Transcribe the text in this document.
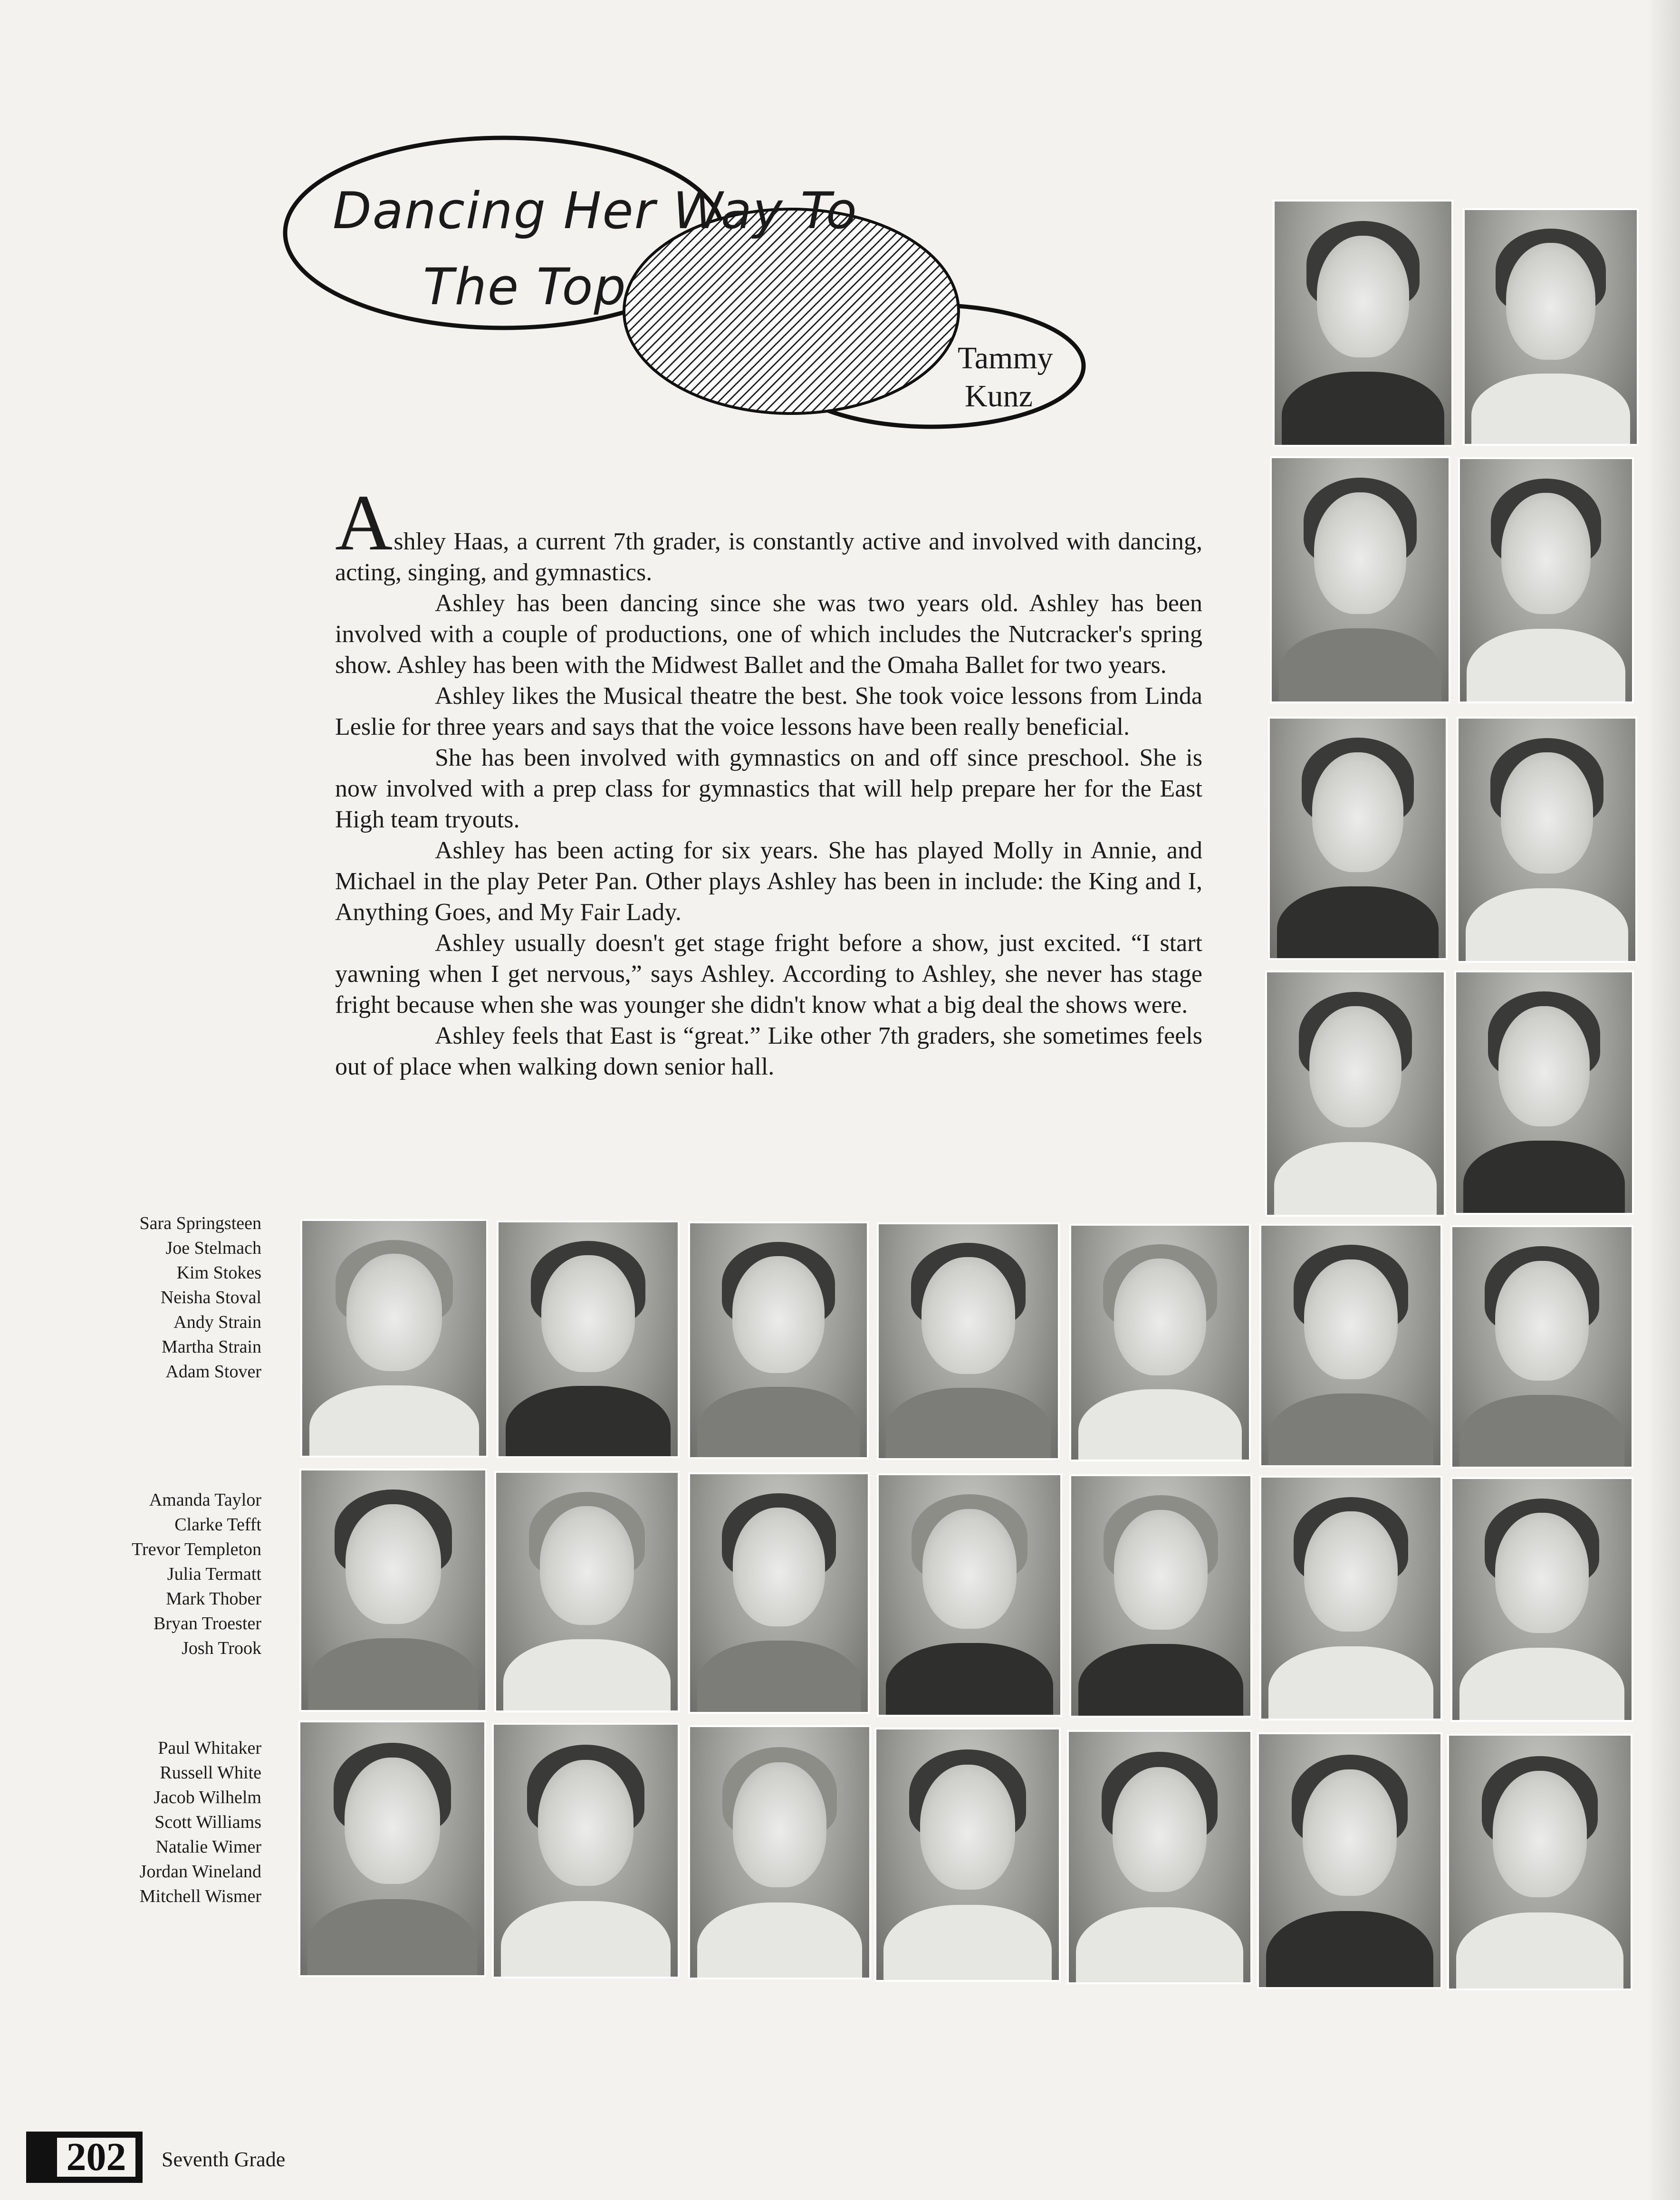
Dancing Her Way To
The Top
Tammy
Kunz

Ashley Haas, a current 7th grader, is constantly active and involved with dancing, acting, singing, and gymnastics.

Ashley has been dancing since she was two years old. Ashley has been involved with a couple of productions, one of which includes the Nutcracker's spring show. Ashley has been with the Midwest Ballet and the Omaha Ballet for two years.

Ashley likes the Musical theatre the best. She took voice lessons from Linda Leslie for three years and says that the voice lessons have been really beneficial.

She has been involved with gymnastics on and off since preschool. She is now involved with a prep class for gymnastics that will help prepare her for the East High team tryouts.

Ashley has been acting for six years. She has played Molly in Annie, and Michael in the play Peter Pan. Other plays Ashley has been in include: the King and I, Anything Goes, and My Fair Lady.

Ashley usually doesn't get stage fright before a show, just excited. “I start yawning when I get nervous,” says Ashley. According to Ashley, she never has stage fright because when she was younger she didn't know what a big deal the shows were.

Ashley feels that East is “great.” Like other 7th graders, she sometimes feels out of place when walking down senior hall.

Sara Springsteen
Joe Stelmach
Kim Stokes
Neisha Stoval
Andy Strain
Martha Strain
Adam Stover
Amanda Taylor
Clarke Tefft
Trevor Templeton
Julia Termatt
Mark Thober
Bryan Troester
Josh Trook
Paul Whitaker
Russell White
Jacob Wilhelm
Scott Williams
Natalie Wimer
Jordan Wineland
Mitchell Wismer
202	Seventh Grade
